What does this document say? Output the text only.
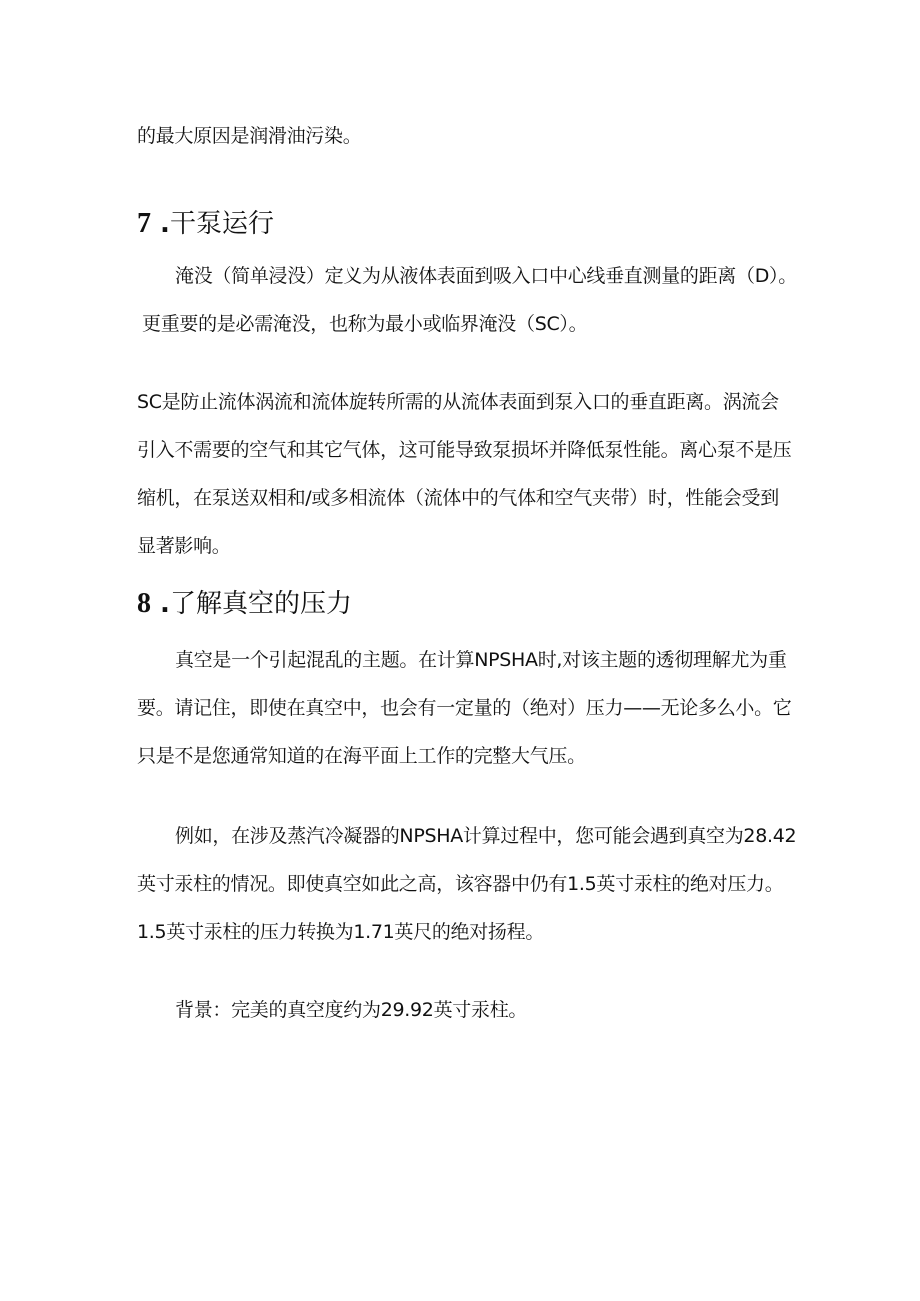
的最大原因是润滑油污染。
7 .干泵运行
淹没（简单浸没）定义为从液体表面到吸入口中心线垂直测量的距离（D）。
更重要的是必需淹没，也称为最小或临界淹没（SC）。
SC是防止流体涡流和流体旋转所需的从流体表面到泵入口的垂直距离。涡流会
引入不需要的空气和其它气体，这可能导致泵损坏并降低泵性能。离心泵不是压
缩机，在泵送双相和/或多相流体（流体中的气体和空气夹带）时，性能会受到
显著影响。
8 .了解真空的压力
真空是一个引起混乱的主题。在计算NPSHA时,对该主题的透彻理解尤为重
要。请记住，即使在真空中，也会有一定量的（绝对）压力——无论多么小。它
只是不是您通常知道的在海平面上工作的完整大气压。
例如，在涉及蒸汽冷凝器的NPSHA计算过程中，您可能会遇到真空为28.42
英寸汞柱的情况。即使真空如此之高，该容器中仍有1.5英寸汞柱的绝对压力。
1.5英寸汞柱的压力转换为1.71英尺的绝对扬程。
背景：完美的真空度约为29.92英寸汞柱。
